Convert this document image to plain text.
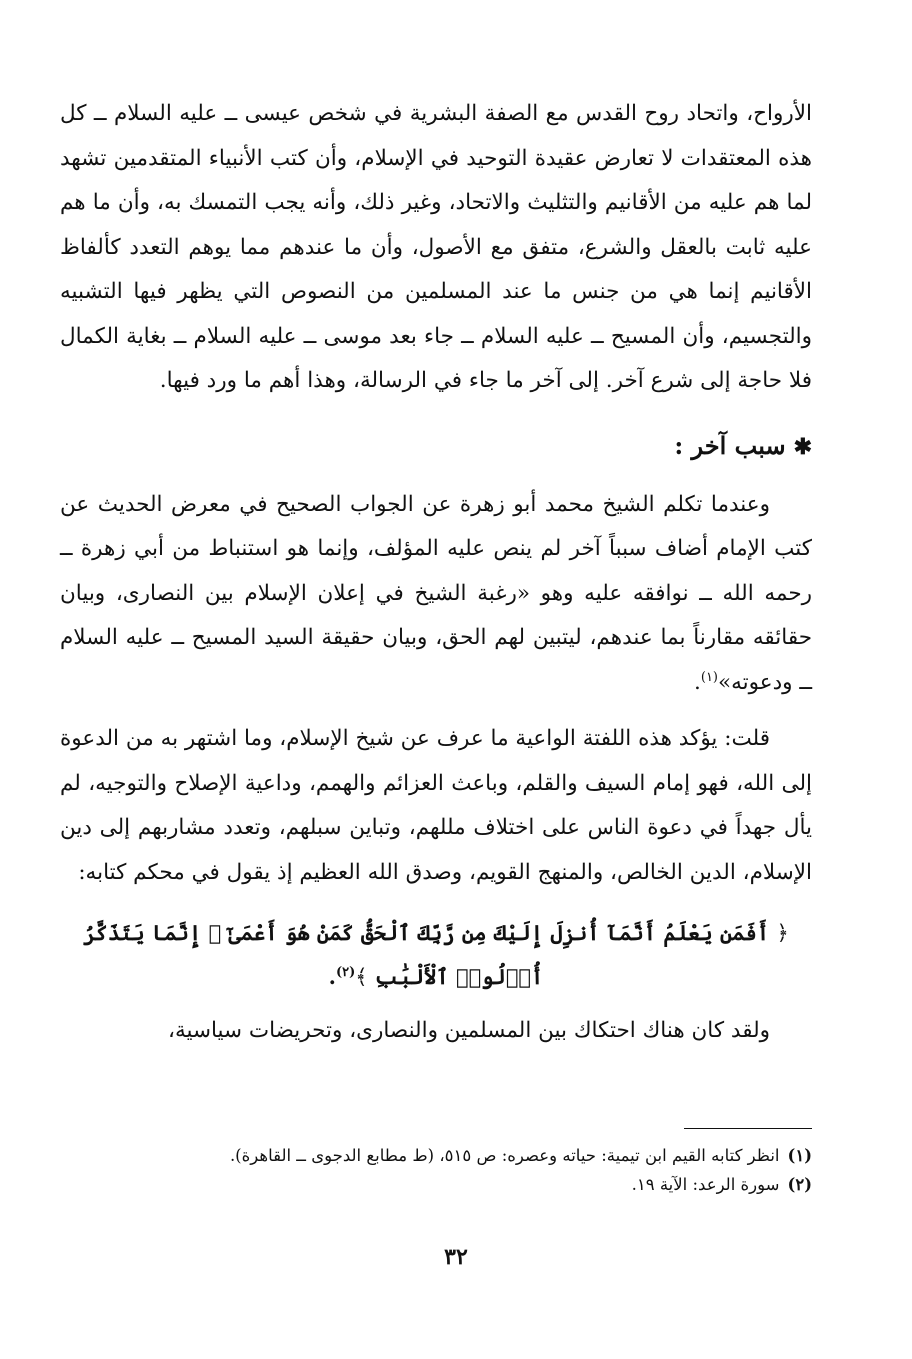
الأرواح، واتحاد روح القدس مع الصفة البشرية في شخص عيسى ــ عليه السلام ــ كل هذه المعتقدات لا تعارض عقيدة التوحيد في الإسلام، وأن كتب الأنبياء المتقدمين تشهد لما هم عليه من الأقانيم والتثليث والاتحاد، وغير ذلك، وأنه يجب التمسك به، وأن ما هم عليه ثابت بالعقل والشرع، متفق مع الأصول، وأن ما عندهم مما يوهم التعدد كألفاظ الأقانيم إنما هي من جنس ما عند المسلمين من النصوص التي يظهر فيها التشبيه والتجسيم، وأن المسيح ــ عليه السلام ــ جاء بعد موسى ــ عليه السلام ــ بغاية الكمال فلا حاجة إلى شرع آخر. إلى آخر ما جاء في الرسالة، وهذا أهم ما ورد فيها.

✱سبب آخر :

وعندما تكلم الشيخ محمد أبو زهرة عن الجواب الصحيح في معرض الحديث عن كتب الإمام أضاف سبباً آخر لم ينص عليه المؤلف، وإنما هو استنباط من أبي زهرة ــ رحمه الله ــ نوافقه عليه وهو «رغبة الشيخ في إعلان الإسلام بين النصارى، وبيان حقائقه مقارناً بما عندهم، ليتبين لهم الحق، وبيان حقيقة السيد المسيح ــ عليه السلام ــ ودعوته»$^{(١)}$.

قلت: يؤكد هذه اللفتة الواعية ما عرف عن شيخ الإسلام، وما اشتهر به من الدعوة إلى الله، فهو إمام السيف والقلم، وباعث العزائم والهمم، وداعية الإصلاح والتوجيه، لم يأل جهداً في دعوة الناس على اختلاف مللهم، وتباين سبلهم، وتعدد مشاربهم إلى دين الإسلام، الدين الخالص، والمنهج القويم، وصدق الله العظيم إذ يقول في محكم كتابه:

﴿ أَفَمَن يَعْلَمُ أَنَّمَآ أُنزِلَ إِلَيْكَ مِن رَّبِّكَ ٱلْحَقُّ كَمَنْ هُوَ أَعْمَىٰٓ ۚ إِنَّمَا يَتَذَكَّرُ أُو۟لُوا۟ ٱلْأَلْبَٰبِ ﴾$^{(٢)}$.

ولقد كان هناك احتكاك بين المسلمين والنصارى، وتحريضات سياسية،

(١)انظر كتابه القيم ابن تيمية: حياته وعصره: ص ٥١٥، (ط مطابع الدجوى ــ القاهرة).

(٢)سورة الرعد: الآية ١٩.

٣٢
